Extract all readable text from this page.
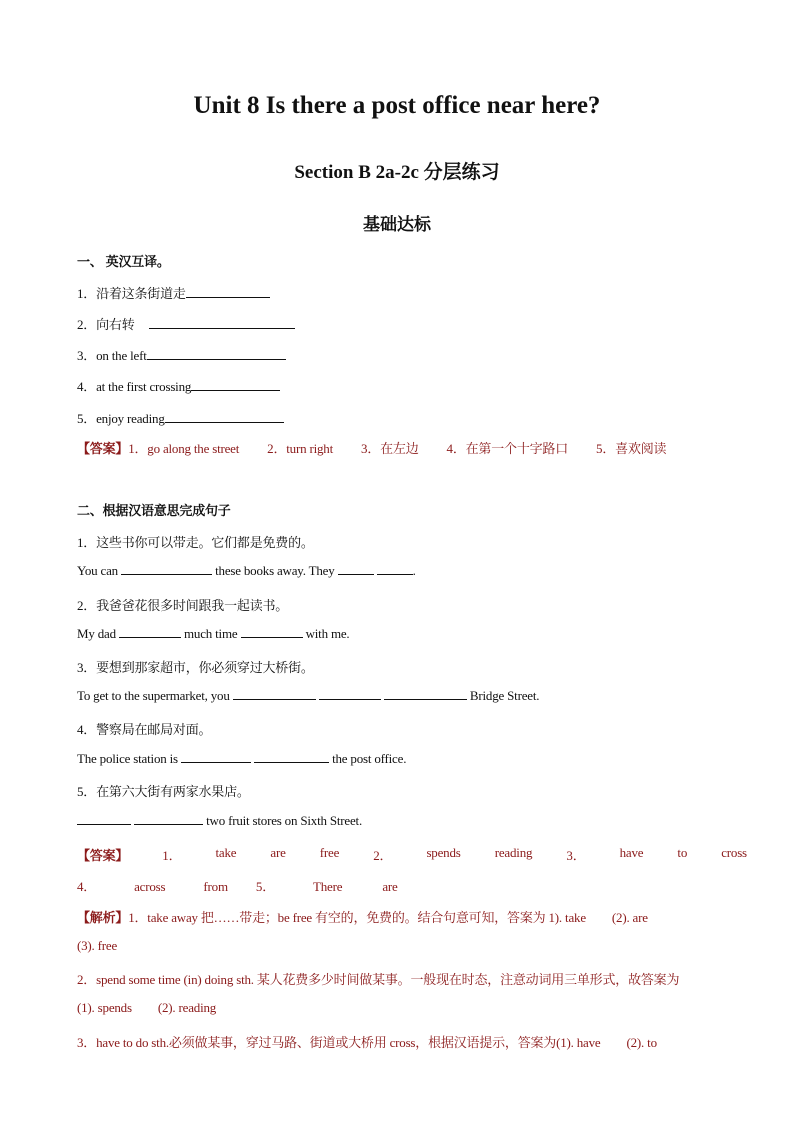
Unit 8 Is there a post office near here?
Section B 2a-2c 分层练习
基础达标
一、 英汉互译。
1．沿着这条街道走
2．向右转
3．on the left
4．at the first crossing
5．enjoy reading
【答案】1．go along the street 2．turn right 3．在左边 4．在第一个十字路口 5．喜欢阅读
二、根据汉语意思完成句子
1．这些书你可以带走。它们都是免费的。
You can	these books away. They	.
2．我爸爸花很多时间跟我一起读书。
My dad	much time	with me.
3．要想到那家超市，你必须穿过大桥街。
To get to the supermarket, you	Bridge Street.
4．警察局在邮局对面。
The police station is	the post office.
5．在第六大街有两家水果店。
two fruit stores on Sixth Street.
【答案】	1．	take	are	free	2．	spends	reading	3．	have	to	cross
4．	across	from 5．	There	are
【解析】1．take away 把……带走；be free 有空的，免费的。结合句意可知，答案为 1). take (2). are
(3). free
2．spend some time (in) doing sth. 某人花费多少时间做某事。一般现在时态，注意动词用三单形式，故答案为
(1). spends (2). reading
3．have to do sth.必须做某事，穿过马路、街道或大桥用 cross，根据汉语提示，答案为(1). have (2). to
